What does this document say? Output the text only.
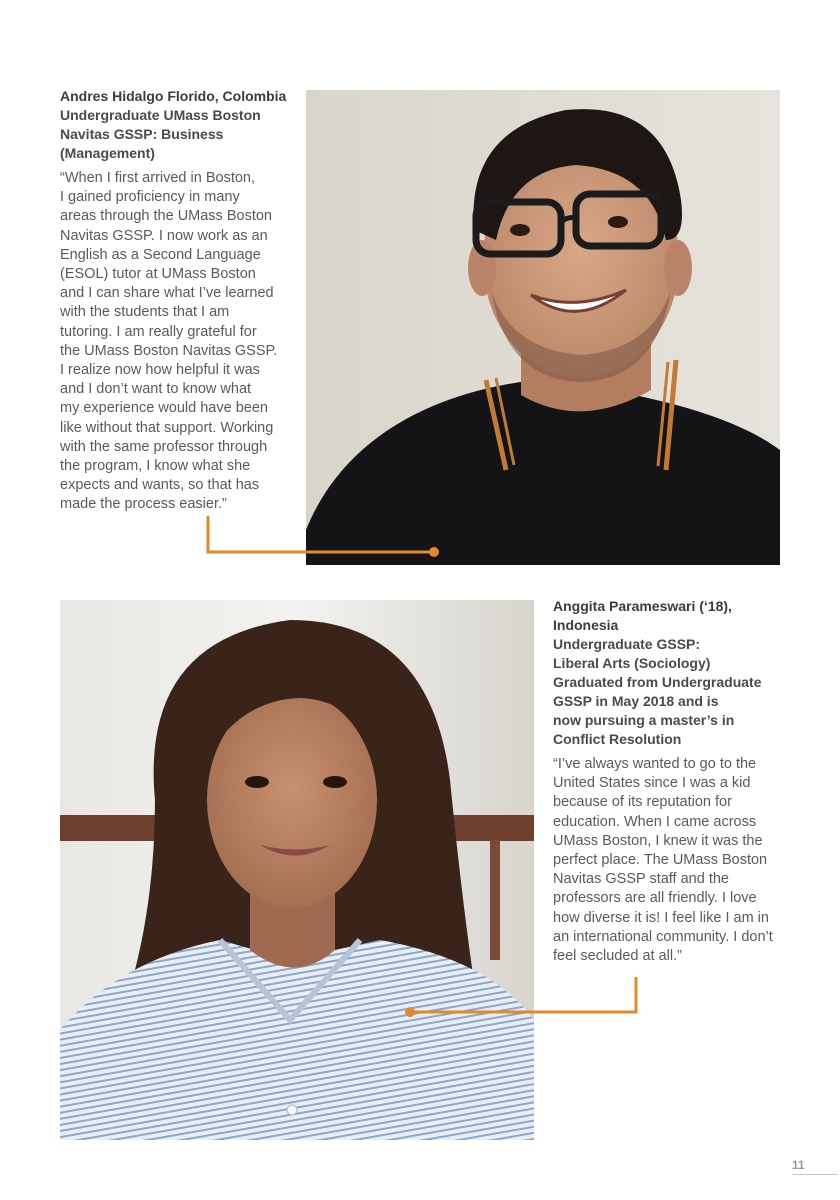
Andres Hidalgo Florido, Colombia
Undergraduate UMass Boston
Navitas GSSP: Business
(Management)
“When I first arrived in Boston,
I gained proficiency in many
areas through the UMass Boston
Navitas GSSP. I now work as an
English as a Second Language
(ESOL) tutor at UMass Boston
and I can share what I’ve learned
with the students that I am
tutoring. I am really grateful for
the UMass Boston Navitas GSSP.
I realize now how helpful it was
and I don’t want to know what
my experience would have been
like without that support. Working
with the same professor through
the program, I know what she
expects and wants, so that has
made the process easier.”
Anggita Parameswari (‘18),
Indonesia
Undergraduate GSSP:
Liberal Arts (Sociology)
Graduated from Undergraduate
GSSP in May 2018 and is
now pursuing a master’s in
Conflict Resolution
“I’ve always wanted to go to the
United States since I was a kid
because of its reputation for
education. When I came across
UMass Boston, I knew it was the
perfect place. The UMass Boston
Navitas GSSP staff and the
professors are all friendly. I love
how diverse it is! I feel like I am in
an international community. I don’t
feel secluded at all.”
11
